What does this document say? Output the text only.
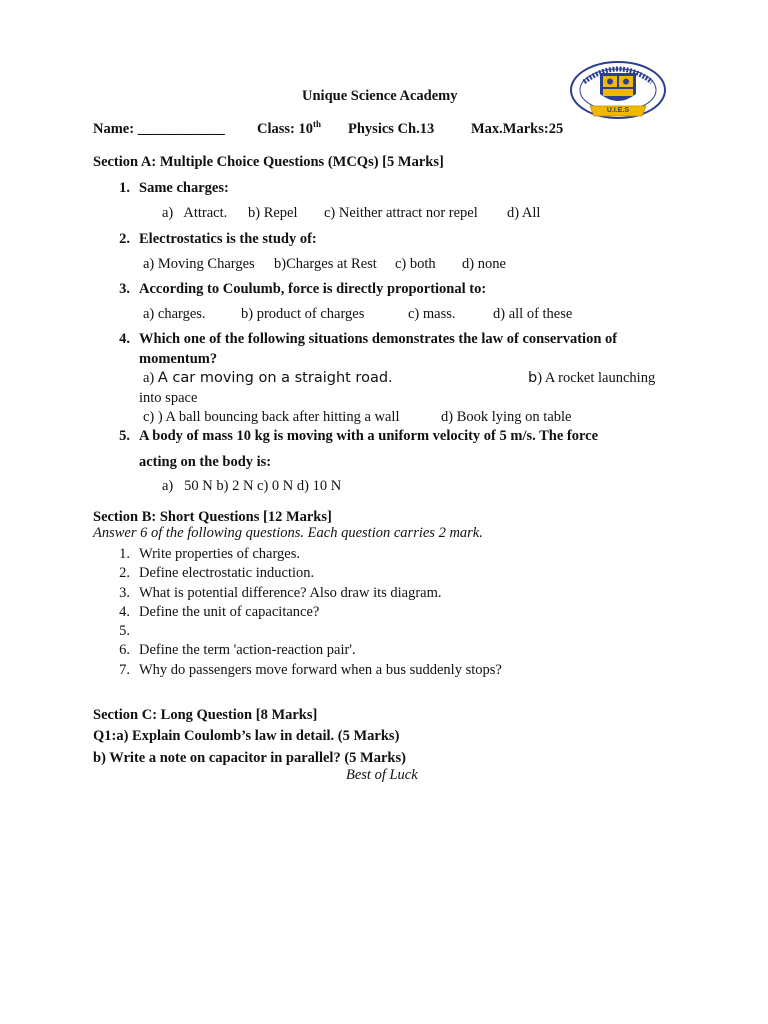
U.I.E.S
Unique Science Academy
Name: ____________ Class: 10th Physics Ch.13	Max.Marks:25
Section A: Multiple Choice Questions (MCQs) [5 Marks]
1. Same charges:
a) Attract. b) Repel c) Neither attract nor repel d) All
2. Electrostatics is the study of:
a) Moving Charges b)Charges at Rest c) both d) none
3. According to Coulumb, force is directly proportional to:
a) charges. b) product of charges	c) mass.	d) all of these
4. Which one of the following situations demonstrates the law of conservation of
momentum?
a) A car moving on a straight road.	b) A rocket launching
into space
c) ) A ball bouncing back after hitting a wall	d) Book lying on table
5. A body of mass 10 kg is moving with a uniform velocity of 5 m/s. The force
acting on the body is:
a) 50 N b) 2 N c) 0 N d) 10 N
Section B: Short Questions [12 Marks]
Answer 6 of the following questions. Each question carries 2 mark.
1. Write properties of charges.
2. Define electrostatic induction.
3. What is potential difference? Also draw its diagram.
4. Define the unit of capacitance?
5.
6. Define the term 'action-reaction pair'.
7. Why do passengers move forward when a bus suddenly stops?
Section C: Long Question [8 Marks]
Q1:a) Explain Coulomb’s law in detail. (5 Marks)
b) Write a note on capacitor in parallel? (5 Marks)
Best of Luck
